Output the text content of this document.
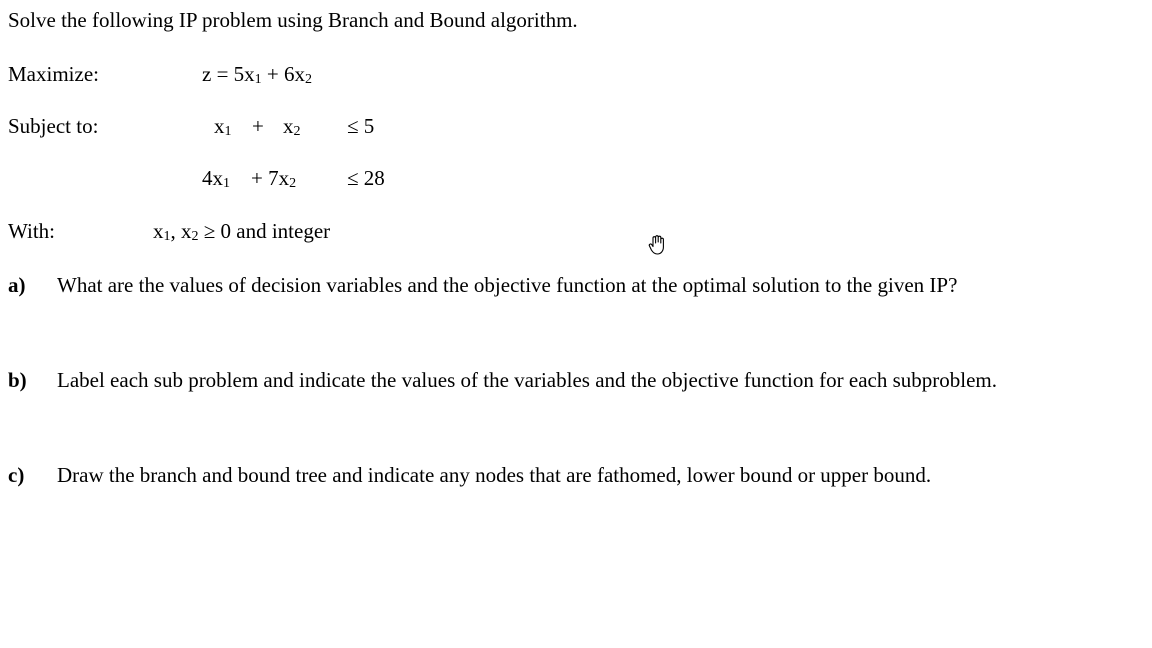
Solve the following IP problem using Branch and Bound algorithm.
Maximize:	z = 5x1 + 6x2
Subject to:	x1 + x2 ≤ 5
4x1 + 7x2 ≤ 28
With:	x1, x2 ≥ 0 and integer
a) What are the values of decision variables and the objective function at the optimal solution to the given IP?
b) Label each sub problem and indicate the values of the variables and the objective function for each subproblem.
c) Draw the branch and bound tree and indicate any nodes that are fathomed, lower bound or upper bound.
